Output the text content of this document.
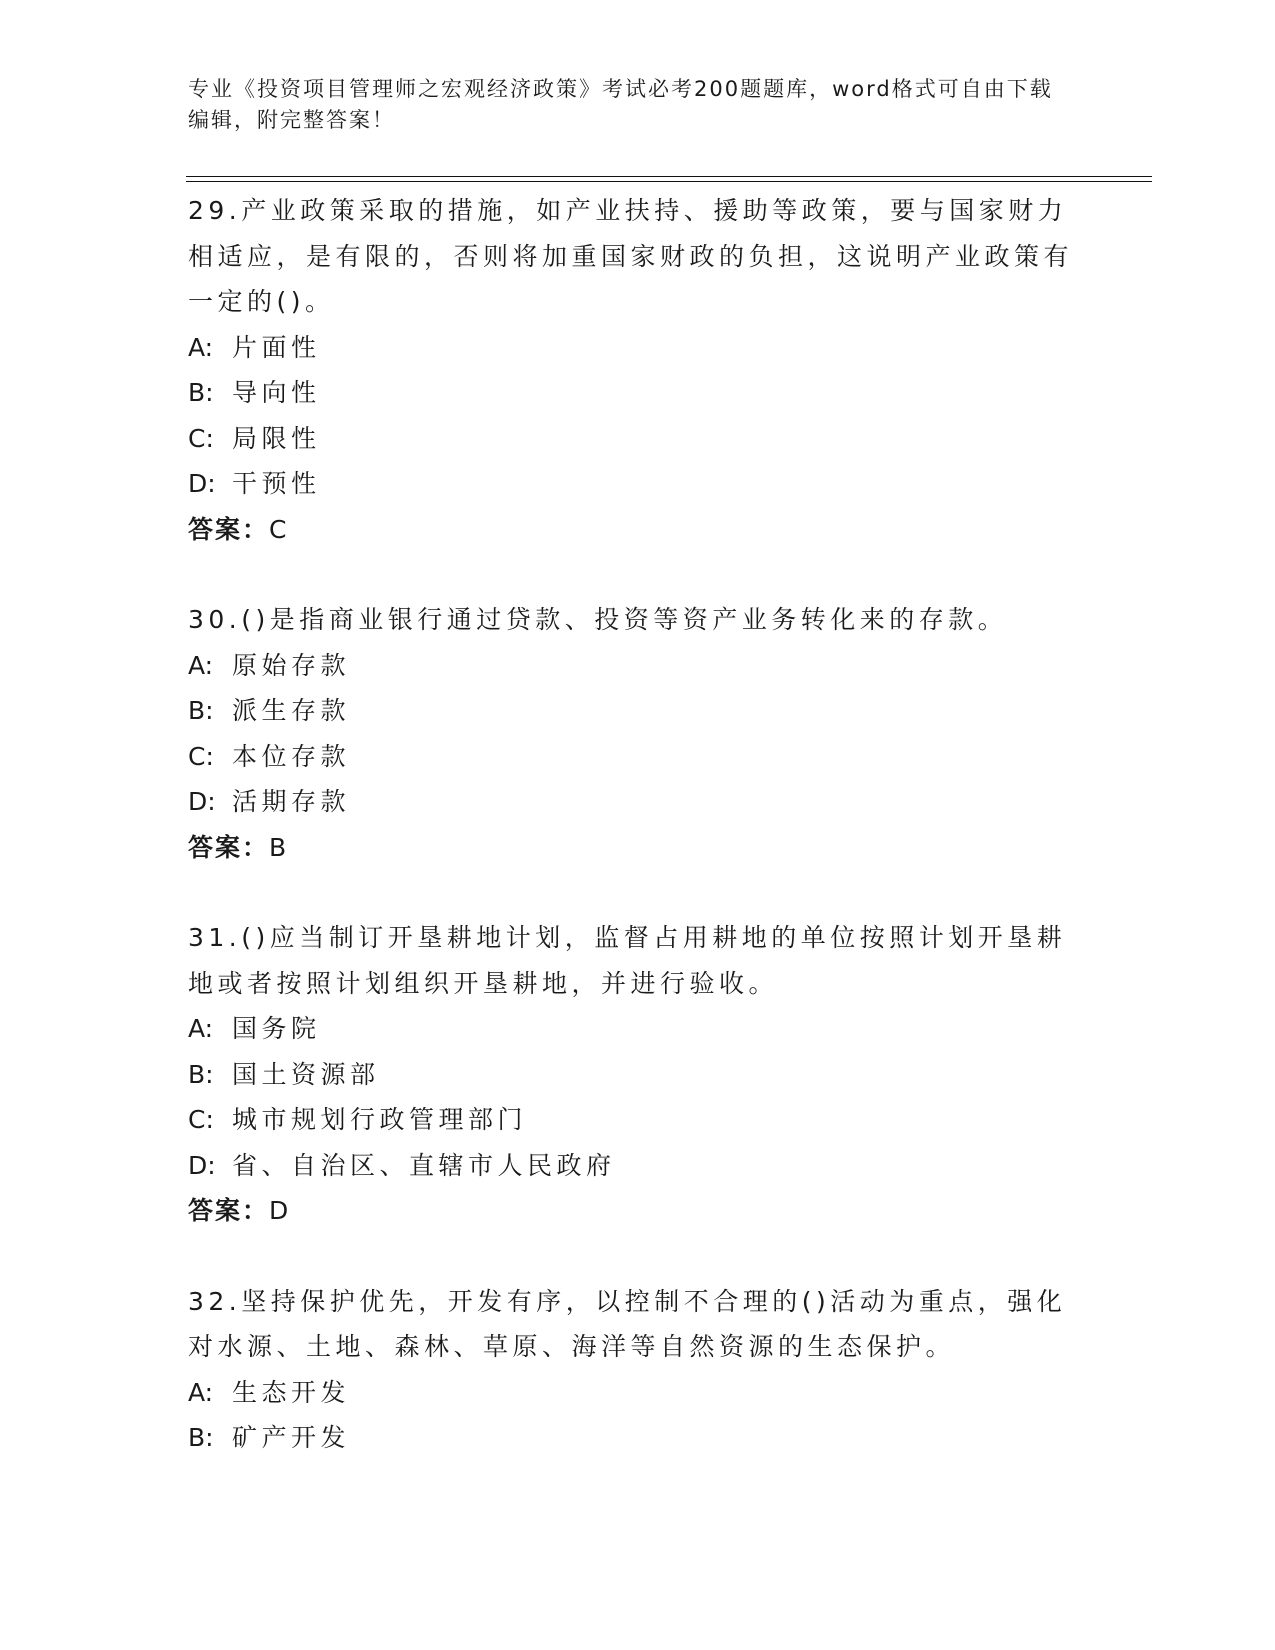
专业《投资项目管理师之宏观经济政策》考试必考200题题库，word格式可自由下载编辑，附完整答案！

29.产业政策采取的措施，如产业扶持、援助等政策，要与国家财力相适应，是有限的，否则将加重国家财政的负担，这说明产业政策有一定的()。

A: 片面性

B: 导向性

C: 局限性

D: 干预性

答案：C

30.()是指商业银行通过贷款、投资等资产业务转化来的存款。

A: 原始存款

B: 派生存款

C: 本位存款

D: 活期存款

答案：B

31.()应当制订开垦耕地计划，监督占用耕地的单位按照计划开垦耕地或者按照计划组织开垦耕地，并进行验收。

A: 国务院

B: 国土资源部

C: 城市规划行政管理部门

D: 省、自治区、直辖市人民政府

答案：D

32.坚持保护优先，开发有序，以控制不合理的()活动为重点，强化对水源、土地、森林、草原、海洋等自然资源的生态保护。

A: 生态开发

B: 矿产开发
